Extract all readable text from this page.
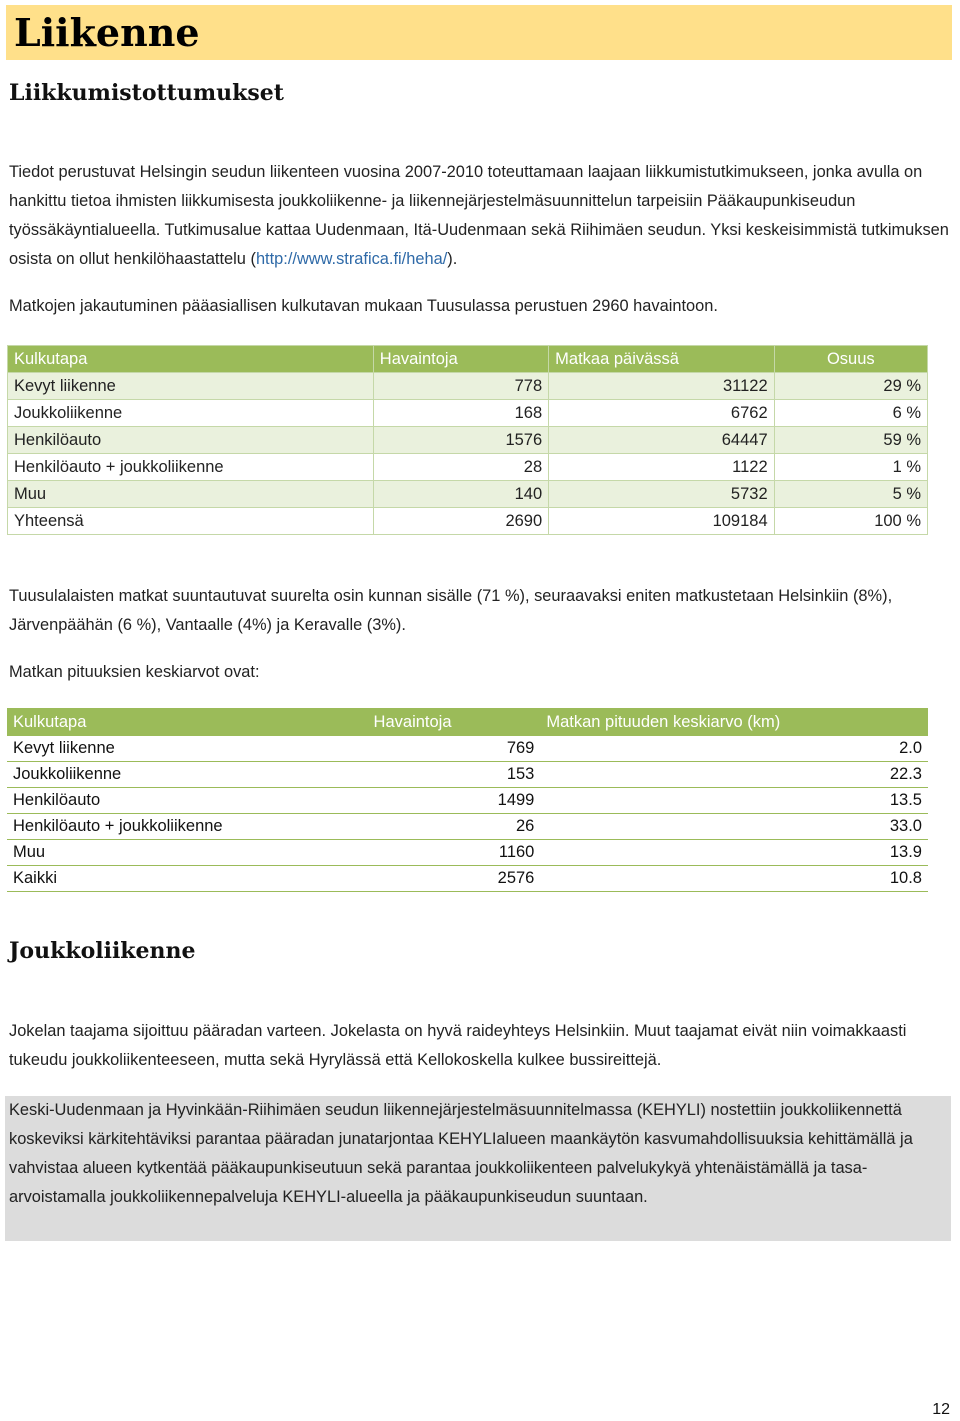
Liikenne
Liikkumistottumukset

Tiedot perustuvat Helsingin seudun liikenteen vuosina 2007-2010 toteuttamaan laajaan liikkumistutkimukseen, jonka avulla on hankittu tietoa ihmisten liikkumisesta joukkoliikenne- ja liikennejärjestelmäsuunnittelun tarpeisiin Pääkaupunkiseudun työssäkäyntialueella. Tutkimusalue kattaa Uudenmaan, Itä-Uudenmaan sekä Riihimäen seudun. Yksi keskeisimmistä tutkimuksen osista on ollut henkilöhaastattelu (http://www.strafica.fi/heha/).

Matkojen jakautuminen pääasiallisen kulkutavan mukaan Tuusulassa perustuen 2960 havaintoon.

Kulkutapa	Havaintoja	Matkaa päivässä	Osuus
Kevyt liikenne	778	31122	29 %
Joukkoliikenne	168	6762	6 %
Henkilöauto	1576	64447	59 %
Henkilöauto + joukkoliikenne	28	1122	1 %
Muu	140	5732	5 %
Yhteensä	2690	109184	100 %

Tuusulalaisten matkat suuntautuvat suurelta osin kunnan sisälle (71 %), seuraavaksi eniten matkustetaan Helsinkiin (8%), Järvenpäähän (6 %), Vantaalle (4%) ja Keravalle (3%).

Matkan pituuksien keskiarvot ovat:

Kulkutapa	Havaintoja	Matkan pituuden keskiarvo (km)
Kevyt liikenne	769	2.0
Joukkoliikenne	153	22.3
Henkilöauto	1499	13.5
Henkilöauto + joukkoliikenne	26	33.0
Muu	1160	13.9
Kaikki	2576	10.8
Joukkoliikenne

Jokelan taajama sijoittuu pääradan varteen. Jokelasta on hyvä raideyhteys Helsinkiin. Muut taajamat eivät niin voimakkaasti tukeudu joukkoliikenteeseen, mutta sekä Hyrylässä että Kellokoskella kulkee bussireittejä.

Keski-Uudenmaan ja Hyvinkään-Riihimäen seudun liikennejärjestelmäsuunnitelmassa (KEHYLI) nostettiin joukkoliikennettä koskeviksi kärkitehtäviksi parantaa pääradan junatarjontaa KEHYLIalueen maankäytön kasvumahdollisuuksia kehittämällä ja vahvistaa alueen kytkentää pääkaupunkiseutuun sekä parantaa joukkoliikenteen palvelukykyä yhtenäistämällä ja tasa-arvoistamalla joukkoliikennepalveluja KEHYLI-alueella ja pääkaupunkiseudun suuntaan.

12
